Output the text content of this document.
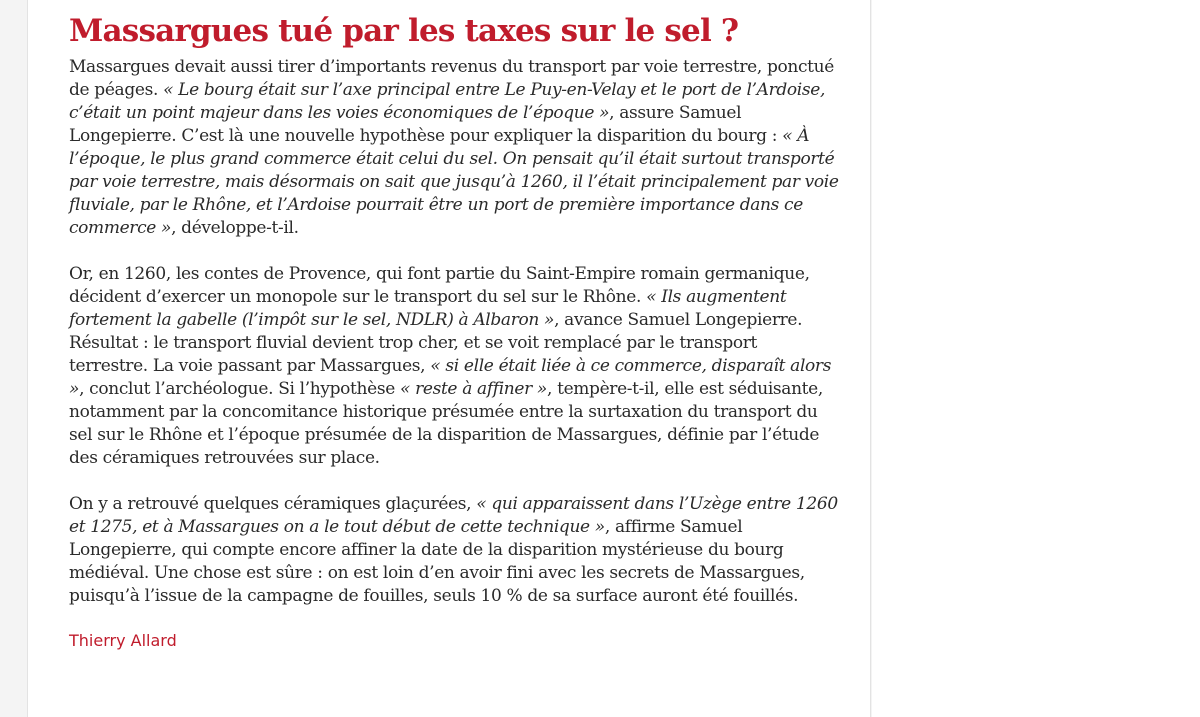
Massargues tué par les taxes sur le sel ?

Massargues devait aussi tirer d’importants revenus du transport par voie terrestre, ponctué de péages. « Le bourg était sur l’axe principal entre Le Puy-en-Velay et le port de l’Ardoise, c’était un point majeur dans les voies économiques de l’époque », assure Samuel Longepierre. C’est là une nouvelle hypothèse pour expliquer la disparition du bourg : « À l’époque, le plus grand commerce était celui du sel. On pensait qu’il était surtout transporté par voie terrestre, mais désormais on sait que jusqu’à 1260, il l’était principalement par voie fluviale, par le Rhône, et l’Ardoise pourrait être un port de première importance dans ce commerce », développe-t-il.

Or, en 1260, les contes de Provence, qui font partie du Saint-Empire romain germanique, décident d’exercer un monopole sur le transport du sel sur le Rhône. « Ils augmentent fortement la gabelle (l’impôt sur le sel, NDLR) à Albaron », avance Samuel Longepierre. Résultat : le transport fluvial devient trop cher, et se voit remplacé par le transport terrestre. La voie passant par Massargues, « si elle était liée à ce commerce, disparaît alors », conclut l’archéologue. Si l’hypothèse « reste à affiner », tempère-t-il, elle est séduisante, notamment par la concomitance historique présumée entre la surtaxation du transport du sel sur le Rhône et l’époque présumée de la disparition de Massargues, définie par l’étude des céramiques retrouvées sur place.

On y a retrouvé quelques céramiques glaçurées, « qui apparaissent dans l’Uzège entre 1260 et 1275, et à Massargues on a le tout début de cette technique », affirme Samuel Longepierre, qui compte encore affiner la date de la disparition mystérieuse du bourg médiéval. Une chose est sûre : on est loin d’en avoir fini avec les secrets de Massargues, puisqu’à l’issue de la campagne de fouilles, seuls 10 % de sa surface auront été fouillés.

Thierry Allard
